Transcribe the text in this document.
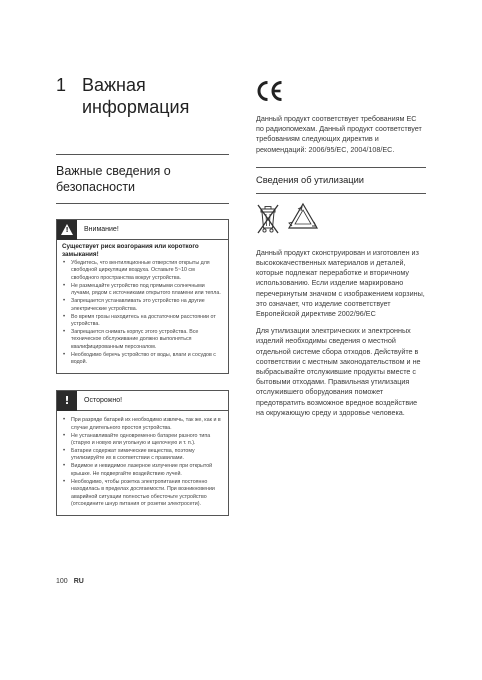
1 Важная
информация
Важные сведения о
безопасности
!
Внимание!
Существует риск возгорания или короткого замыкания!
• Убедитесь, что вентиляционные отверстия открыты для свободной циркуляции воздуха. Оставьте 5~10 см свободного пространства вокруг устройства.
• Не размещайте устройство под прямыми солнечными лучами, рядом с источниками открытого пламени или тепла.
• Запрещается устанавливать это устройство на другие электрические устройства.
• Во время грозы находитесь на достаточном расстоянии от устройства.
• Запрещается снимать корпус этого устройства. Все техническое обслуживание должно выполняться квалифицированным персоналом.
• Необходимо беречь устройство от воды, влаги и сосудов с водой.
! Осторожно!
• При разряде батарей их необходимо извлечь, так же, как и в случае длительного простоя устройства.
• Не устанавливайте одновременно батареи разного типа (старую и новую или угольную и щелочную и т. п.).
• Батареи содержат химические вещества, поэтому утилизируйте их в соответствии с правилами.
• Видимое и невидимое лазерное излучение при открытой крышке. Не подвергайте воздействию лучей.
• Необходимо, чтобы розетка электропитания постоянно находилась в пределах досягаемости. При возникновении аварийной ситуации полностью обесточьте устройство (отсоедините шнур питания от розетки электросети).

Данный продукт соответствует требованиям ЕС по радиопомехам. Данный продукт соответствует требованиям следующих директив и рекомендаций: 2006/95/EC, 2004/108/EC.

Сведения об утилизации

Данный продукт сконструирован и изготовлен из высококачественных материалов и деталей, которые подлежат переработке и вторичному использованию. Если изделие маркировано перечеркнутым значком с изображением корзины, это означает, что изделие соответствует Европейской директиве 2002/96/EC

Для утилизации электрических и электронных изделий необходимы сведения о местной отдельной системе сбора отходов. Действуйте в соответствии с местным законодательством и не выбрасывайте отслужившие продукты вместе с бытовыми отходами. Правильная утилизация отслужившего оборудования поможет предотвратить возможное вредное воздействие на окружающую среду и здоровье человека.

100 RU
